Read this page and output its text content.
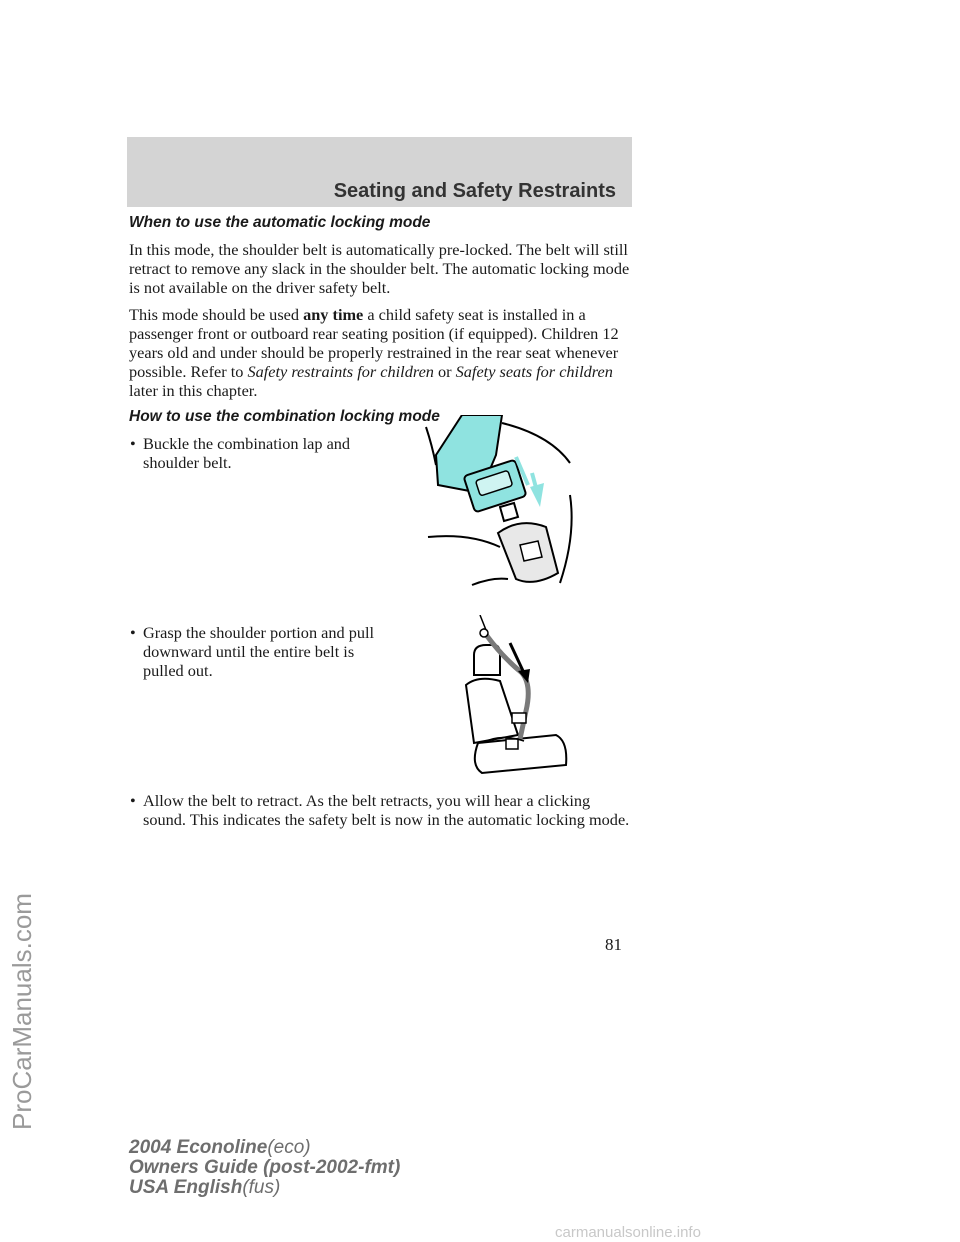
Seating and Safety Restraints
When to use the automatic locking mode

In this mode, the shoulder belt is automatically pre-locked. The belt will still retract to remove any slack in the shoulder belt. The automatic locking mode is not available on the driver safety belt.

This mode should be used any time a child safety seat is installed in a passenger front or outboard rear seating position (if equipped). Children 12 years old and under should be properly restrained in the rear seat whenever possible. Refer to Safety restraints for children or Safety seats for children later in this chapter.

How to use the combination locking mode
• Buckle the combination lap and shoulder belt.
• Grasp the shoulder portion and pull downward until the entire belt is pulled out.
• Allow the belt to retract. As the belt retracts, you will hear a clicking sound. This indicates the safety belt is now in the automatic locking mode.
81
2004 Econoline(eco)
Owners Guide (post-2002-fmt)
USA English(fus)
ProCarManuals.com
carmanualsonline.info
